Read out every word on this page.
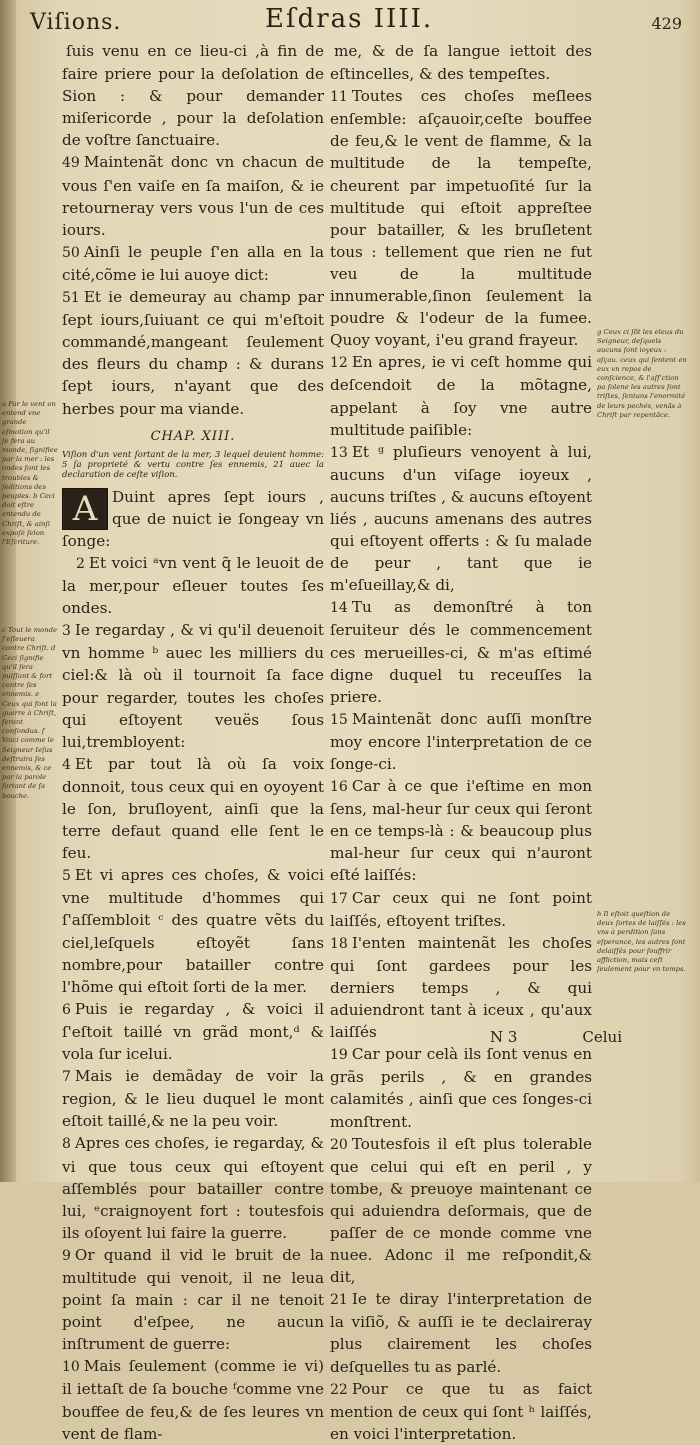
Viſions.	Eſdras IIII.	429
a Par le vent on entend vne grande eſmotion qu'il ſe fera au monde, ſignifiee par la mer : les ondes ſont les troubles & ſeditions des peuples. b Ceci doit eſtre entendu de Chriſt, & ainſi expoſé ſelon l'Eſcriture.
c Tout le monde ſ'eſleuera contre Chriſt. d Ceci ſignifie qu'il ſera puiſſant & fort contre ſes ennemis. e Ceux qui font la guerre à Chriſt, ſeront confondus. f Voici comme le Seigneur Ieſus deſtruira ſes ennemis, & ce par la parole ſortant de ſa bouche.
g Ceux ci ſõt les eleus du Seigneur, deſquels aucuns ſont ioyeux : aſçau. ceux qui ſentent en eux vn repos de conſcience, & l'aſſ'ction pa ſolene les autres ſont triſtes, ſentans l'enormité de leurs pechés, venãs à Chriſt par repentãce.
h Il eſtoit queſtion de deux ſortes de laiſſés : les vns à perdition ſans eſperance, les autres ſont delaiſſés pour ſouffrir affliction, mais ceſt ſeulement pour vn temps.

ſuis venu en ce lieu-ci ,à fin de faire priere pour la deſolation de Sion : & pour demander miſericorde , pour la deſolation de voſtre ſanctuaire.

49 Maintenãt donc vn chacun de vous ſ'en vaiſe en ſa maiſon, & ie retourneray vers vous l'un de ces iours.

50 Ainſi le peuple ſ'en alla en la cité,cõme ie lui auoye dict:

51 Et ie demeuray au champ par ſept iours,ſuiuant ce qui m'eſtoit commandé,mangeant ſeulement des fleurs du champ : & durans ſept iours, n'ayant que des herbes pour ma viande.

CHAP. XIII.

Viſion d'un vent ſortant de la mer, 3 lequel deuient homme: 5 ſa proprieté & vertu contre ſes ennemis, 21 auec la declaration de ceſte viſion.

A Duint apres ſept iours , que de nuict ie ſongeay vn ſonge:

2 Et voici ᵃvn vent q̃ le leuoit de la mer,pour eſleuer toutes ſes ondes.

3 Ie regarday , & vi qu'il deuenoit vn homme ᵇ auec les milliers du ciel:& là où il tournoit ſa face pour regarder, toutes les choſes qui eſtoyent veuës ſous lui,trembloyent:

4 Et par tout là où ſa voix donnoit, tous ceux qui en oyoyent le ſon, bruſloyent, ainſi que la terre defaut quand elle ſent le feu.

5 Et vi apres ces choſes, & voici vne multitude d'hommes qui ſ'aſſembloit ᶜ des quatre vẽts du ciel,leſquels eſtoyẽt ſans nombre,pour batailler contre l'hõme qui eſtoit ſorti de la mer.

6 Puis ie regarday , & voici il ſ'eſtoit taillé vn grãd mont,ᵈ & vola ſur icelui.

7 Mais ie demãday de voir la region, & le lieu duquel le mont eſtoit taillé,& ne la peu voir.

8 Apres ces choſes, ie regarday, & vi que tous ceux qui eſtoyent aſſemblés pour batailler contre lui, ᵉcraignoyent fort : toutesfois ils oſoyent lui faire la guerre.

9 Or quand il vid le bruit de la multitude qui venoit, il ne leua point ſa main : car il ne tenoit point d'eſpee, ne aucun inſtrument de guerre:

10 Mais ſeulement (comme ie vi) il iettaſt de ſa bouche ᶠcomme vne bouffee de feu,& de ſes leures vn vent de flam-

me, & de ſa langue iettoit des eſtincelles, & des tempeſtes.

11 Toutes ces choſes meſlees enſemble: aſçauoir,ceſte bouffee de feu,& le vent de flamme, & la multitude de la tempeſte, cheurent par impetuoſité ſur la multitude qui eſtoit appreſtee pour batailler, & les bruſletent tous : tellement que rien ne fut veu de la multitude innumerable,ſinon ſeulement la poudre & l'odeur de la fumee. Quoy voyant, i'eu grand frayeur.

12 En apres, ie vi ceſt homme qui deſcendoit de la mõtagne, appelant à ſoy vne autre multitude paiſible:

13 Et ᵍ pluſieurs venoyent à lui, aucuns d'un viſage ioyeux , aucuns triſtes , & aucuns eſtoyent liés , aucuns amenans des autres qui eſtoyent offerts : & ſu malade de peur , tant que ie m'eſueillay,& di,

14 Tu as demonſtré à ton ſeruiteur dés le commencement ces merueilles-ci, & m'as eſtimé digne duquel tu receuſſes la priere.

15 Maintenãt donc auſſi monſtre moy encore l'interpretation de ce ſonge-ci.

16 Car à ce que i'eſtime en mon ſens, mal-heur ſur ceux qui ſeront en ce temps-là : & beaucoup plus mal-heur ſur ceux qui n'auront eſté laiſſés:

17 Car ceux qui ne ſont point laiſſés, eſtoyent triſtes.

18 I'enten maintenãt les choſes qui ſont gardees pour les derniers temps , & qui aduiendront tant à iceux , qu'aux laiſſés

19 Car pour celà ils ſont venus en grãs perils , & en grandes calamités , ainſi que ces ſonges-ci monſtrent.

20 Toutesfois il eſt plus tolerable que celui qui eſt en peril , y tombe, & preuoye maintenant ce qui aduiendra deſormais, que de paſſer de ce monde comme vne nuee. Adonc il me reſpondit,& dit,

21 Ie te diray l'interpretation de la viſiõ, & auſſi ie te declaireray plus clairement les choſes deſquelles tu as parlé.

22 Pour ce que tu as faict mention de ceux qui ſont ʰ laiſſés, en voici l'interpretation.

N 3	Celui
